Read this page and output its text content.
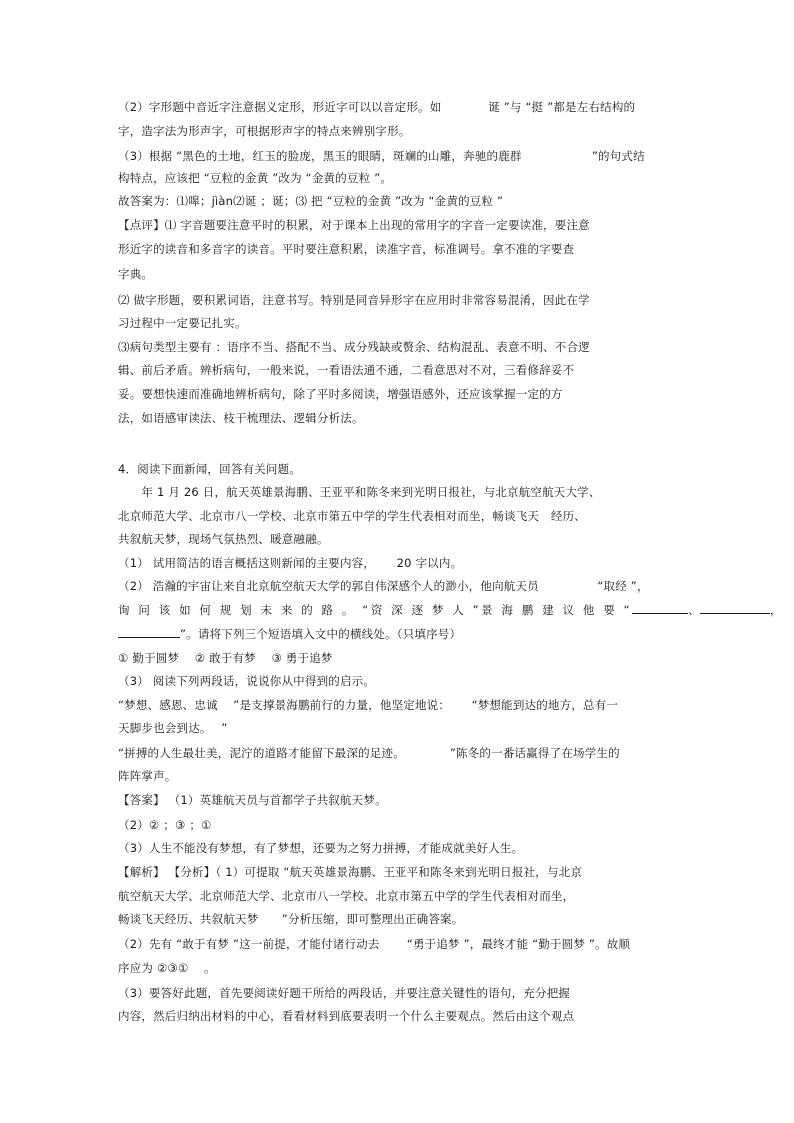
（2）字形题中音近字注意据义定形，形近字可以以音定形。如　　　　诞 ”与 “挺 ”都是左右结构的
字，造字法为形声字，可根据形声字的特点来辨别字形。
（3）根据 “黑色的土地，红玉的脸庞，黑玉的眼睛，斑斓的山雕，奔驰的鹿群　　　　　　”的句式结
构特点，应该把 “豆粒的金黄 ”改为 “金黄的豆粒 ”。
故答案为：⑴嗥；jìàn⑵诞 ；诞；⑶ 把 “豆粒的金黄 ”改为 “金黄的豆粒 ”
【点评】⑴ 字音题要注意平时的积累，对于课本上出现的常用字的字音一定要读准，要注意
形近字的读音和多音字的读音。平时要注意积累，读准字音，标准调号。拿不准的字要查
字典。
⑵ 做字形题，要积累词语，注意书写。特别是同音异形字在应用时非常容易混淆，因此在学
习过程中一定要记扎实。
⑶病句类型主要有 ：语序不当、搭配不当、成分残缺或赘余、结构混乱、表意不明、不合逻
辑、前后矛盾。辨析病句，一般来说，一看语法通不通，二看意思对不对，三看修辞妥不
妥。要想快速而准确地辨析病句，除了平时多阅读，增强语感外，还应该掌握一定的方
法，如语感审读法、枝干梳理法、逻辑分析法。
4．阅读下面新闻，回答有关问题。
　　年 1 月 26 日，航天英雄景海鹏、王亚平和陈冬来到光明日报社，与北京航空航天大学、
北京师范大学、北京市八一学校、北京市第五中学的学生代表相对而坐，畅谈飞天　经历、
共叙航天梦，现场气氛热烈、暖意融融。
（1） 试用简洁的语言概括这则新闻的主要内容，　　 20 字以内。
（2） 浩瀚的宇宙让来自北京航空航天大学的郭自伟深感个人的渺小，他向航天员　　　　　“取经 ”，
询 问 该 如 何 规 划 未 来 的 路 。 “资 深 逐 梦 人 ”景 海 鹏 建 议 他 要 “	、	，
”。请将下列三个短语填入文中的横线处。（只填序号）
① 勤于圆梦　 ② 敢于有梦　 ③ 勇于追梦
（3） 阅读下列两段话，说说你从中得到的启示。
“梦想、感恩、忠诚　 ”是支撑景海鹏前行的力量，他坚定地说：　　 “梦想能到达的地方，总有一
天脚步也会到达。　 ”
“拼搏的人生最壮美，泥泞的道路才能留下最深的足迹。　　　　 ”陈冬的一番话赢得了在场学生的
阵阵掌声。
【答案】 （1）英雄航天员与首都学子共叙航天梦。
（2）② ；③ ；①
（3）人生不能没有梦想，有了梦想，还要为之努力拼搏，才能成就美好人生。
【解析】 【分析】（ 1）可提取 “航天英雄景海鹏、王亚平和陈冬来到光明日报社，与北京
航空航天大学、北京师范大学、北京市八一学校、北京市第五中学的学生代表相对而坐，
畅谈飞天经历、共叙航天梦　　”分析压缩，即可整理出正确答案。
（2）先有 “敢于有梦 ”这一前提，才能付诸行动去　　 “勇于追梦 ”，最终才能 “勤于圆梦 ”。故顺
序应为 ②③①　 。
（3）要答好此题，首先要阅读好题干所给的两段话，并要注意关键性的语句，充分把握
内容，然后归纳出材料的中心，看看材料到底要表明一个什么主要观点。然后由这个观点
